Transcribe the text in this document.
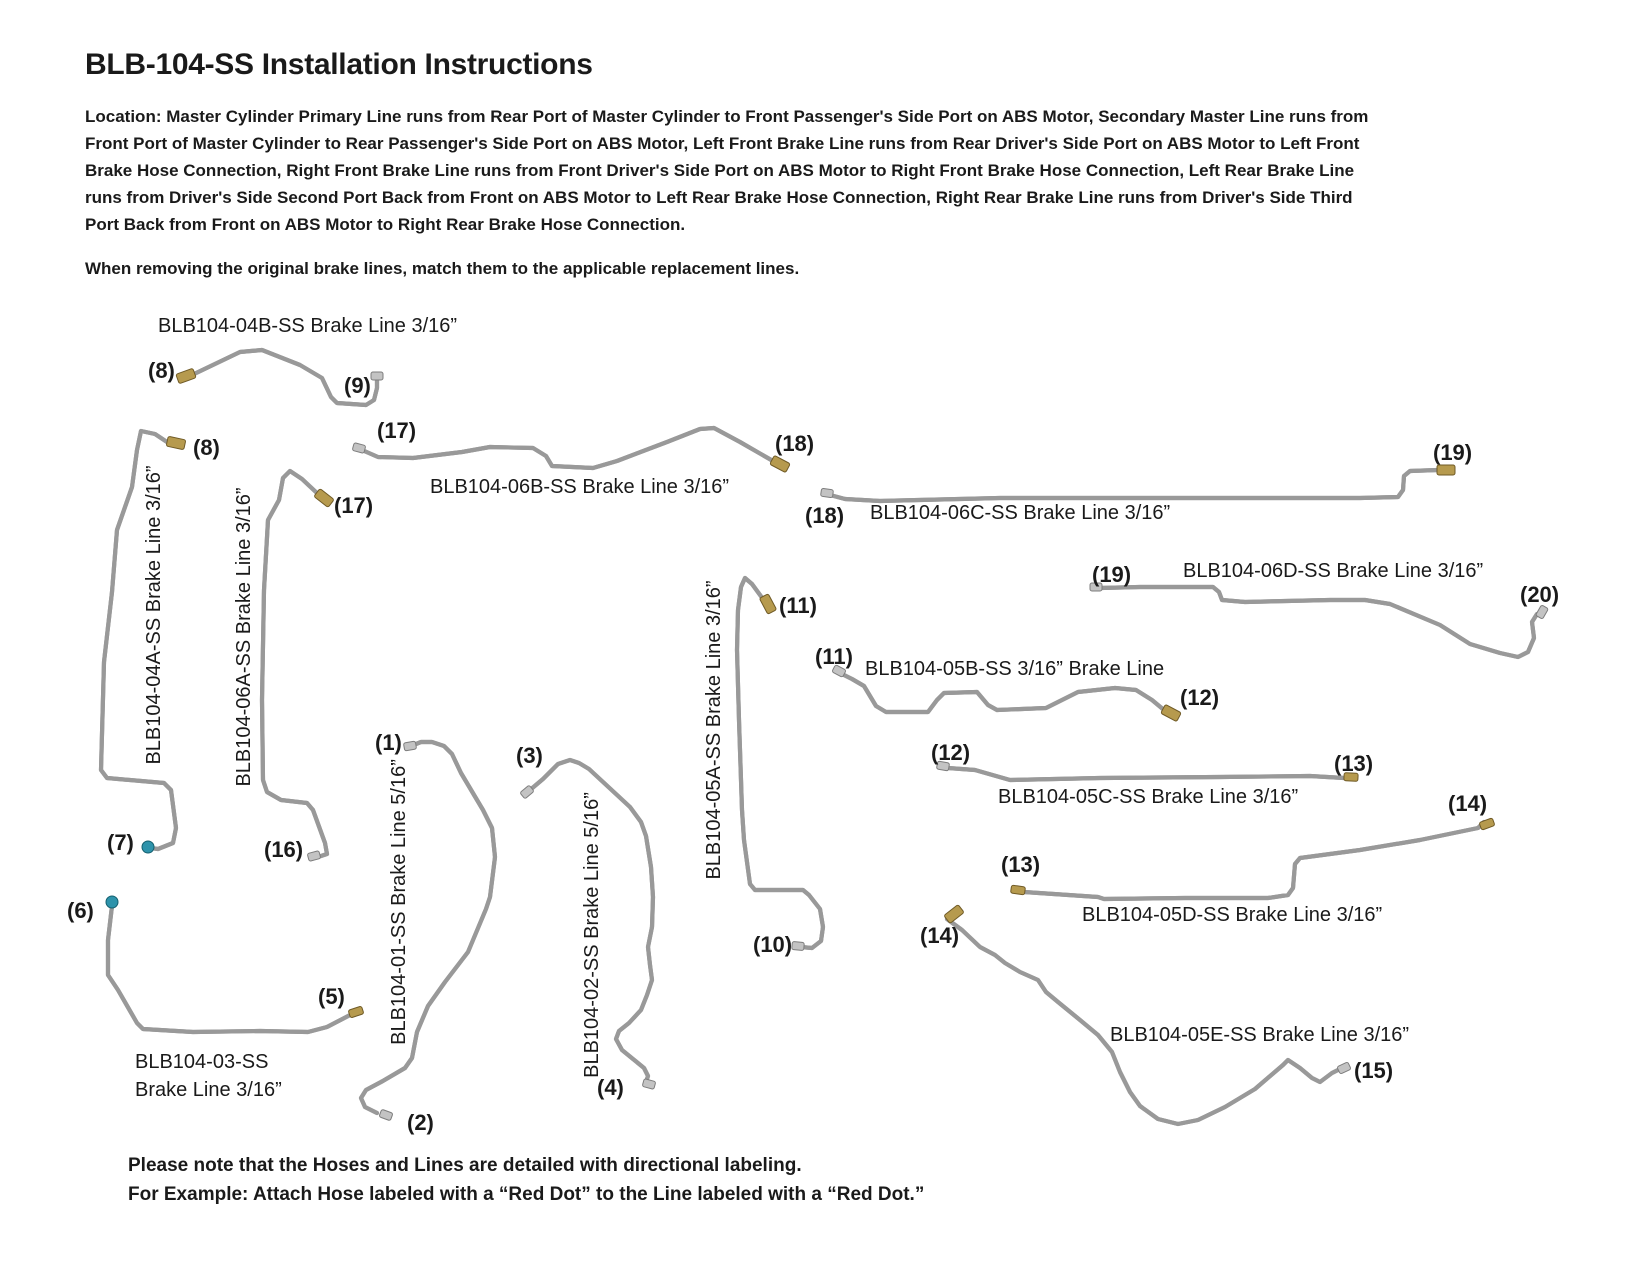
BLB-104-SS Installation Instructions
Location: Master Cylinder Primary Line runs from Rear Port of Master Cylinder to Front Passenger's Side Port on ABS Motor, Secondary Master Line runs from
Front Port of Master Cylinder to Rear Passenger's Side Port on ABS Motor, Left Front Brake Line runs from Rear Driver's Side Port on ABS Motor to Left Front
Brake Hose Connection, Right Front Brake Line runs from Front Driver's Side Port on ABS Motor to Right Front Brake Hose Connection, Left Rear Brake Line
runs from Driver's Side Second Port Back from Front on ABS Motor to Left Rear Brake Hose Connection, Right Rear Brake Line runs from Driver's Side Third
Port Back from Front on ABS Motor to Right Rear Brake Hose Connection.
When removing the original brake lines, match them to the applicable replacement lines.
BLB104-04B-SS Brake Line 3/16”
BLB104-06B-SS Brake Line 3/16”
BLB104-06C-SS Brake Line 3/16”
BLB104-06D-SS Brake Line 3/16”
BLB104-05B-SS 3/16” Brake Line
BLB104-05C-SS Brake Line 3/16”
BLB104-05D-SS Brake Line 3/16”
BLB104-05E-SS Brake Line 3/16”
BLB104-03-SS
Brake Line 3/16”
BLB104-04A-SS Brake Line 3/16”	BLB104-06A-SS Brake Line 3/16”	BLB104-05A-SS Brake Line 3/16”
BLB104-01-SS Brake Line 5/16”	BLB104-02-SS Brake Line 5/16”
(8)
(9)
(17)
(18)
(8)
(17)	(18)
(19)
(19)
(20)
(11)
(11)
(12)
(12)	(13)
(13)
(14)
(14)
(10)
(15)
(7)	(16)
(6)
(5)
(1)
(2)
(3)
(4)
Please note that the Hoses and Lines are detailed with directional labeling.
For Example: Attach Hose labeled with a “Red Dot” to the Line labeled with a “Red Dot.”
